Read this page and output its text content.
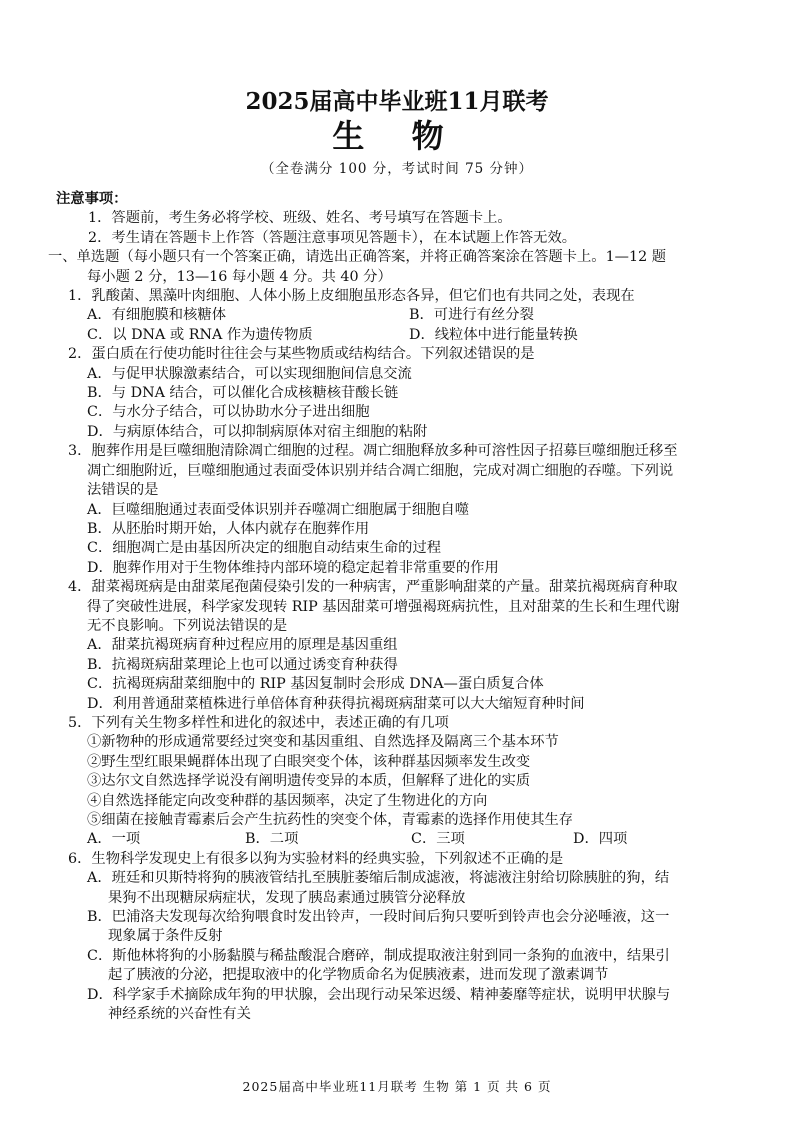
2025届高中毕业班11月联考
生 物
（全卷满分 100 分，考试时间 75 分钟）
注意事项：
1．答题前，考生务必将学校、班级、姓名、考号填写在答题卡上。
2．考生请在答题卡上作答（答题注意事项见答题卡），在本试题上作答无效。
一、单选题（每小题只有一个答案正确，请选出正确答案，并将正确答案涂在答题卡上。1—12 题
每小题 2 分，13—16 每小题 4 分。共 40 分）
1．乳酸菌、黑藻叶肉细胞、人体小肠上皮细胞虽形态各异，但它们也有共同之处，表现在
A．有细胞膜和核糖体	B．可进行有丝分裂
C．以 DNA 或 RNA 作为遗传物质	D．线粒体中进行能量转换
2．蛋白质在行使功能时往往会与某些物质或结构结合。下列叙述错误的是
A．与促甲状腺激素结合，可以实现细胞间信息交流
B．与 DNA 结合，可以催化合成核糖核苷酸长链
C．与水分子结合，可以协助水分子进出细胞
D．与病原体结合，可以抑制病原体对宿主细胞的粘附
3．胞葬作用是巨噬细胞清除凋亡细胞的过程。凋亡细胞释放多种可溶性因子招募巨噬细胞迁移至
凋亡细胞附近，巨噬细胞通过表面受体识别并结合凋亡细胞，完成对凋亡细胞的吞噬。下列说
法错误的是
A．巨噬细胞通过表面受体识别并吞噬凋亡细胞属于细胞自噬
B．从胚胎时期开始，人体内就存在胞葬作用
C．细胞凋亡是由基因所决定的细胞自动结束生命的过程
D．胞葬作用对于生物体维持内部环境的稳定起着非常重要的作用
4．甜菜褐斑病是由甜菜尾孢菌侵染引发的一种病害，严重影响甜菜的产量。甜菜抗褐斑病育种取
得了突破性进展，科学家发现转 RIP 基因甜菜可增强褐斑病抗性，且对甜菜的生长和生理代谢
无不良影响。下列说法错误的是
A．甜菜抗褐斑病育种过程应用的原理是基因重组
B．抗褐斑病甜菜理论上也可以通过诱变育种获得
C．抗褐斑病甜菜细胞中的 RIP 基因复制时会形成 DNA—蛋白质复合体
D．利用普通甜菜植株进行单倍体育种获得抗褐斑病甜菜可以大大缩短育种时间
5．下列有关生物多样性和进化的叙述中，表述正确的有几项
①新物种的形成通常要经过突变和基因重组、自然选择及隔离三个基本环节
②野生型红眼果蝇群体出现了白眼突变个体，该种群基因频率发生改变
③达尔文自然选择学说没有阐明遗传变异的本质，但解释了进化的实质
④自然选择能定向改变种群的基因频率，决定了生物进化的方向
⑤细菌在接触青霉素后会产生抗药性的突变个体，青霉素的选择作用使其生存
A．一项	B．二项	C．三项	D．四项
6．生物科学发现史上有很多以狗为实验材料的经典实验，下列叙述不正确的是
A．班廷和贝斯特将狗的胰液管结扎至胰脏萎缩后制成滤液，将滤液注射给切除胰脏的狗，结
果狗不出现糖尿病症状，发现了胰岛素通过胰管分泌释放
B．巴浦洛夫发现每次给狗喂食时发出铃声，一段时间后狗只要听到铃声也会分泌唾液，这一
现象属于条件反射
C．斯他林将狗的小肠黏膜与稀盐酸混合磨碎，制成提取液注射到同一条狗的血液中，结果引
起了胰液的分泌，把提取液中的化学物质命名为促胰液素，进而发现了激素调节
D．科学家手术摘除成年狗的甲状腺，会出现行动呆笨迟缓、精神萎靡等症状，说明甲状腺与
神经系统的兴奋性有关
2025届高中毕业班11月联考 生物 第 1 页 共 6 页
